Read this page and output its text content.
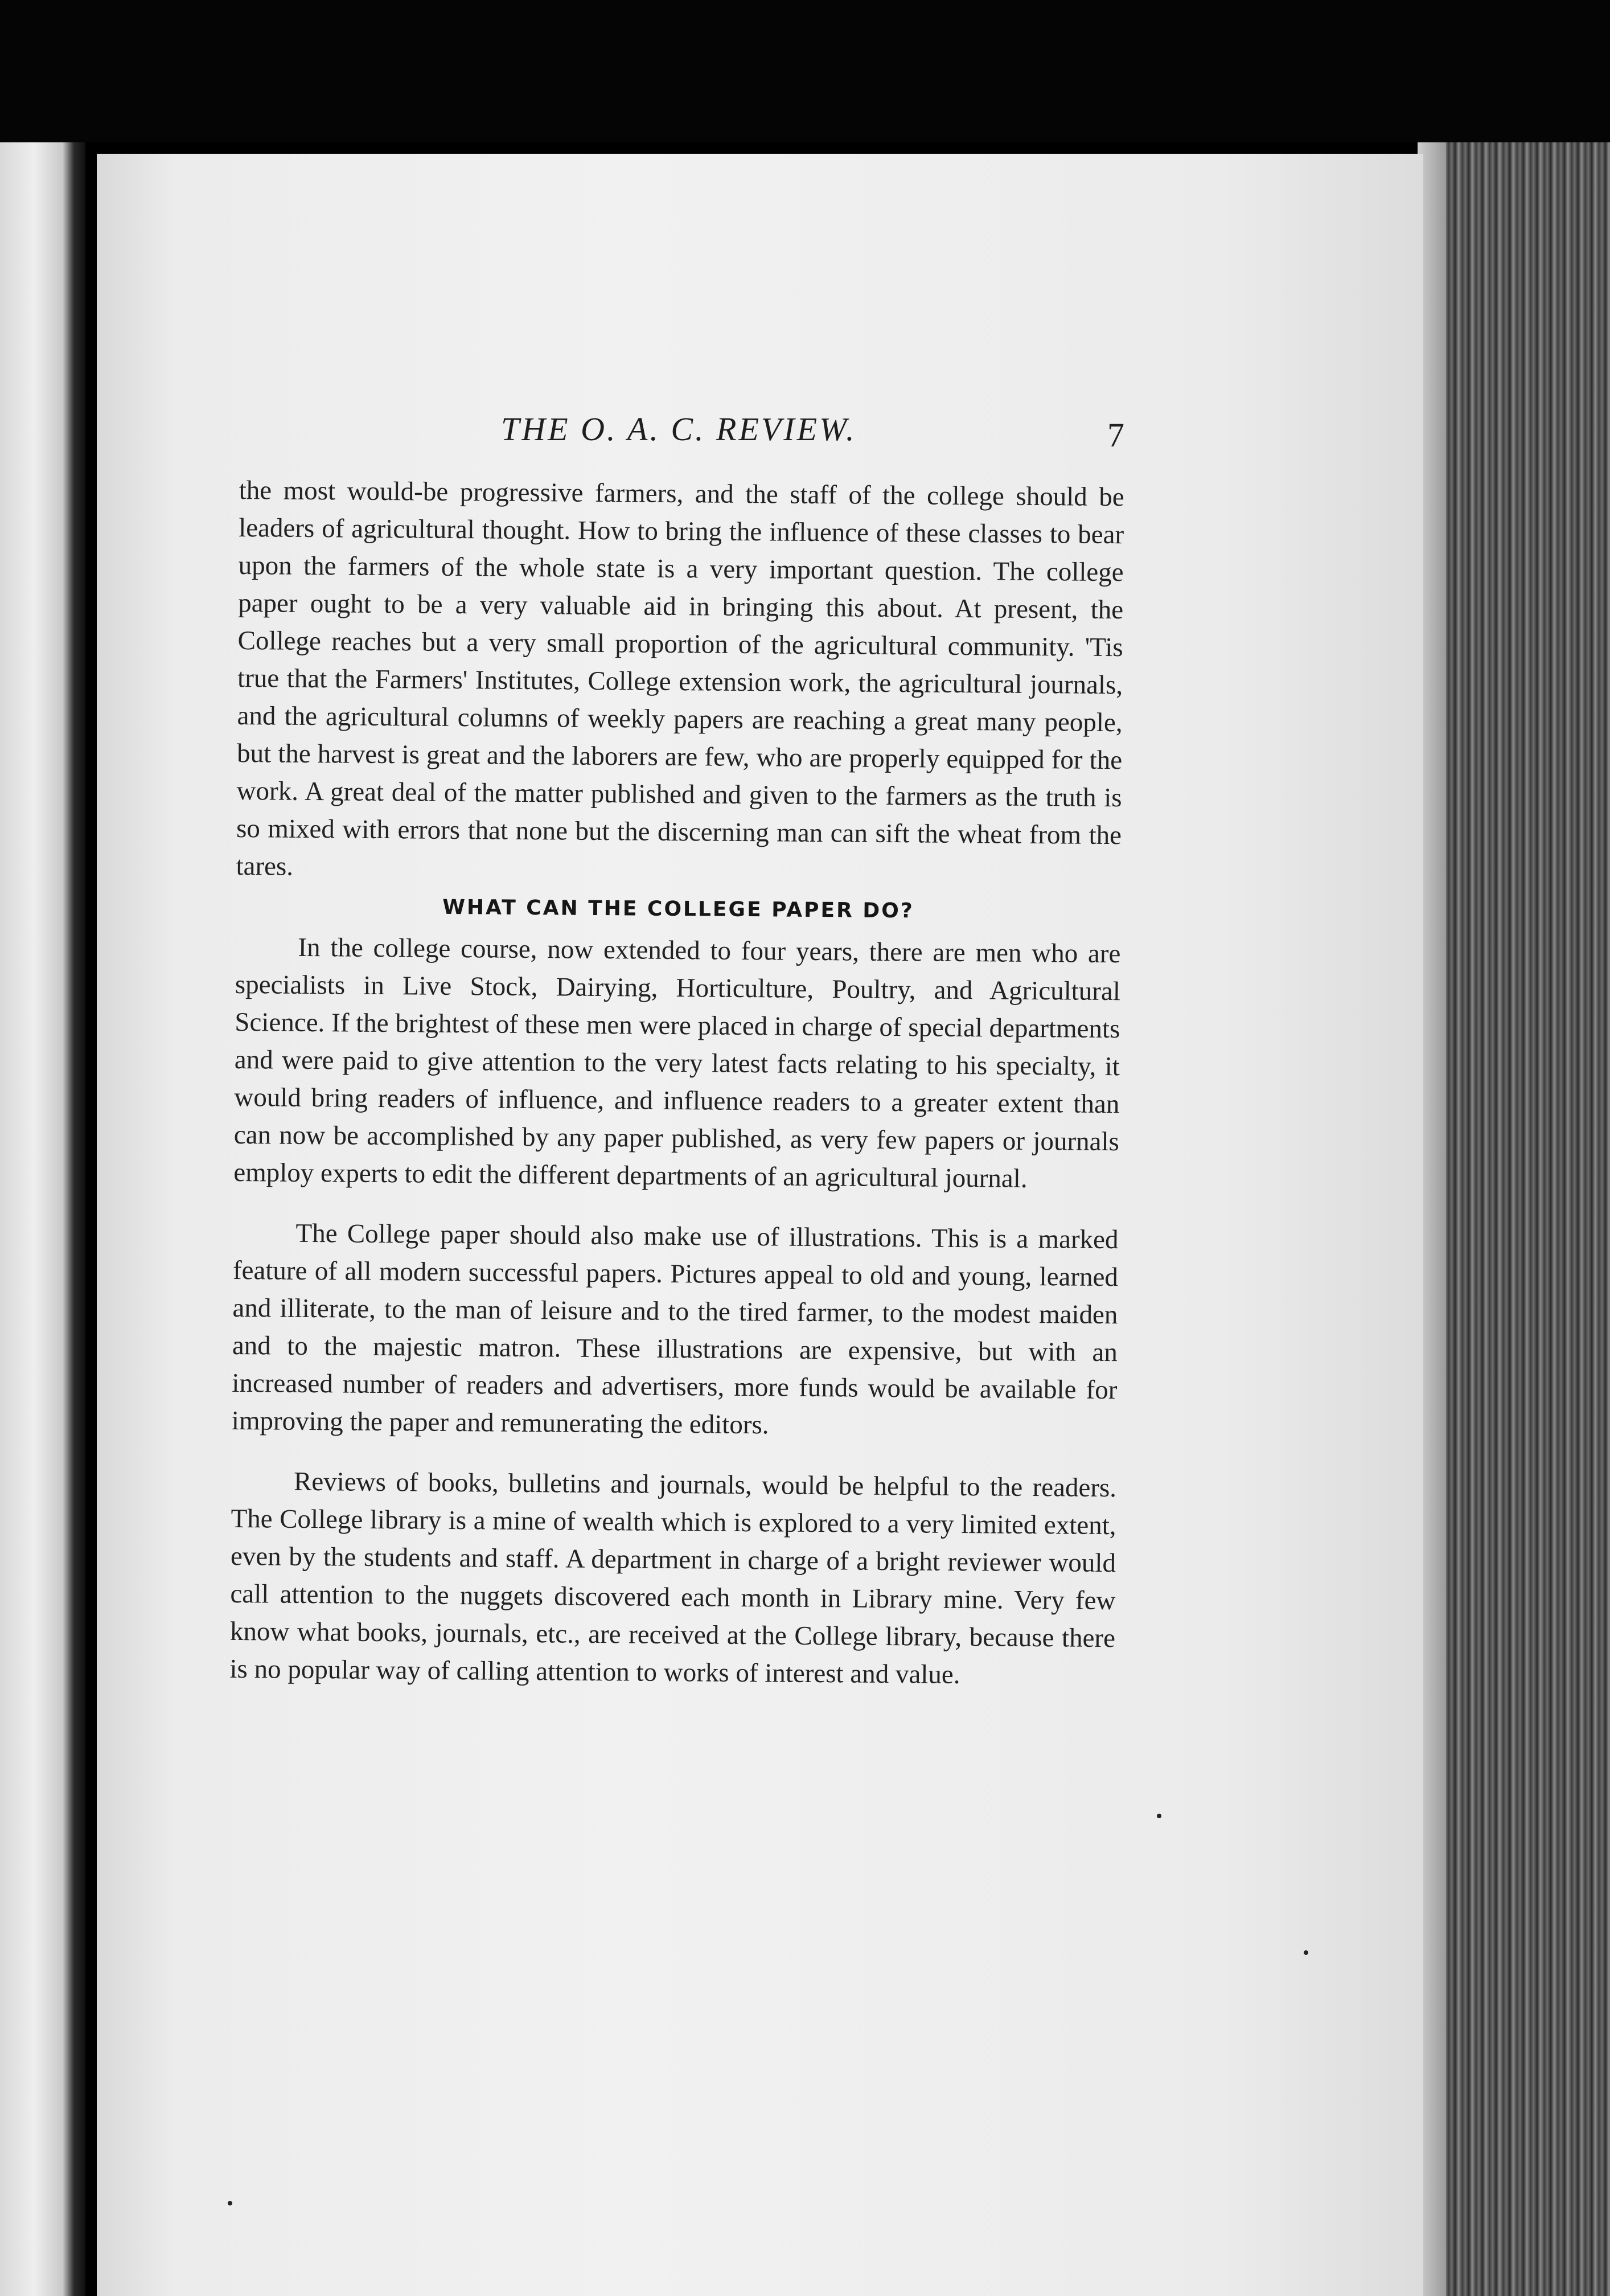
THE O. A. C. REVIEW.	7

the most would-be progressive farmers, and the staff of the college should be leaders of agricultural thought. How to bring the influence of these classes to bear upon the farmers of the whole state is a very important question. The college paper ought to be a very valuable aid in bringing this about. At present, the College reaches but a very small proportion of the agricultural community. 'Tis true that the Farmers' Institutes, College extension work, the agricultural journals, and the agricultural columns of weekly papers are reaching a great many people, but the harvest is great and the laborers are few, who are properly equipped for the work. A great deal of the matter published and given to the farmers as the truth is so mixed with errors that none but the discerning man can sift the wheat from the tares.

WHAT CAN THE COLLEGE PAPER DO?

In the college course, now extended to four years, there are men who are specialists in Live Stock, Dairying, Horticulture, Poultry, and Agricultural Science. If the brightest of these men were placed in charge of special departments and were paid to give attention to the very latest facts relating to his specialty, it would bring readers of influence, and influence readers to a greater extent than can now be accomplished by any paper published, as very few papers or journals employ experts to edit the different departments of an agricultural journal.

The College paper should also make use of illustrations. This is a marked feature of all modern successful papers. Pictures appeal to old and young, learned and illiterate, to the man of leisure and to the tired farmer, to the modest maiden and to the majestic matron. These illustrations are expensive, but with an increased number of readers and advertisers, more funds would be available for improving the paper and remunerating the editors.

Reviews of books, bulletins and journals, would be helpful to the readers. The College library is a mine of wealth which is explored to a very limited extent, even by the students and staff. A department in charge of a bright reviewer would call attention to the nuggets discovered each month in Library mine. Very few know what books, journals, etc., are received at the College library, because there is no popular way of calling attention to works of interest and value.
